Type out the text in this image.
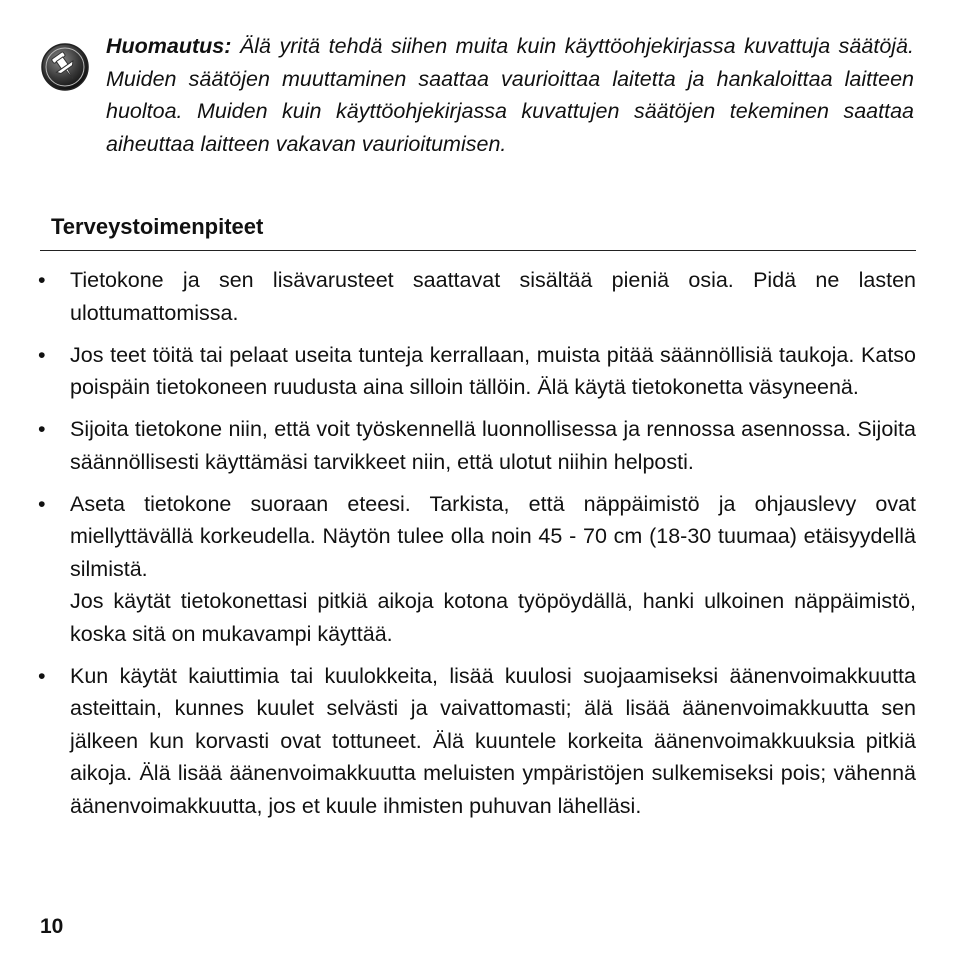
Huomautus: Älä yritä tehdä siihen muita kuin käyttöohjekirjassa kuvattuja säätöjä. Muiden säätöjen muuttaminen saattaa vaurioittaa laitetta ja hankaloittaa laitteen huoltoa. Muiden kuin käyttöohjekirjassa kuvattujen säätöjen tekeminen saattaa aiheuttaa laitteen vakavan vaurioitumisen.

Terveystoimenpiteet
• Tietokone ja sen lisävarusteet saattavat sisältää pieniä osia. Pidä ne lasten ulottumattomissa.
• Jos teet töitä tai pelaat useita tunteja kerrallaan, muista pitää säännöllisiä taukoja. Katso poispäin tietokoneen ruudusta aina silloin tällöin. Älä käytä tietokonetta väsyneenä.
• Sijoita tietokone niin, että voit työskennellä luonnollisessa ja rennossa asennossa. Sijoita säännöllisesti käyttämäsi tarvikkeet niin, että ulotut niihin helposti.
• Aseta tietokone suoraan eteesi. Tarkista, että näppäimistö ja ohjauslevy ovat miellyttävällä korkeudella. Näytön tulee olla noin 45 - 70 cm (18-30 tuumaa) etäisyydellä silmistä.
Jos käytät tietokonettasi pitkiä aikoja kotona työpöydällä, hanki ulkoinen näppäimistö, koska sitä on mukavampi käyttää.
• Kun käytät kaiuttimia tai kuulokkeita, lisää kuulosi suojaamiseksi äänenvoimakkuutta asteittain, kunnes kuulet selvästi ja vaivattomasti; älä lisää äänenvoimakkuutta sen jälkeen kun korvasti ovat tottuneet. Älä kuuntele korkeita äänenvoimakkuuksia pitkiä aikoja. Älä lisää äänenvoimakkuutta meluisten ympäristöjen sulkemiseksi pois; vähennä äänenvoimakkuutta, jos et kuule ihmisten puhuvan lähelläsi.

10
